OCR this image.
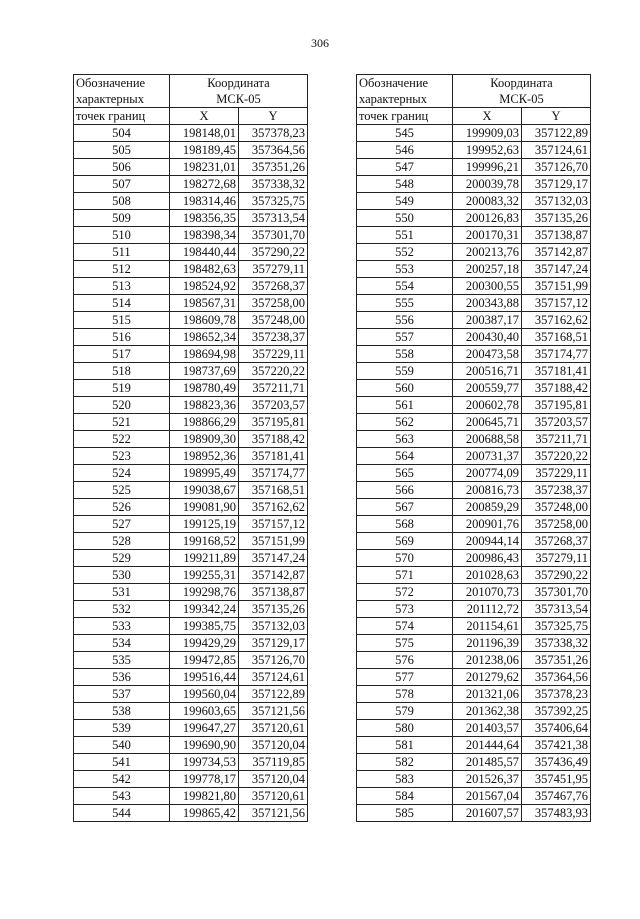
306
Обозначение
характерных	Координата
МСК-05	

точек границ	X	Y
504	198148,01	357378,23
505	198189,45	357364,56
506	198231,01	357351,26
507	198272,68	357338,32
508	198314,46	357325,75
509	198356,35	357313,54
510	198398,34	357301,70
511	198440,44	357290,22
512	198482,63	357279,11
513	198524,92	357268,37
514	198567,31	357258,00
515	198609,78	357248,00
516	198652,34	357238,37
517	198694,98	357229,11
518	198737,69	357220,22
519	198780,49	357211,71
520	198823,36	357203,57
521	198866,29	357195,81
522	198909,30	357188,42
523	198952,36	357181,41
524	198995,49	357174,77
525	199038,67	357168,51
526	199081,90	357162,62
527	199125,19	357157,12
528	199168,52	357151,99
529	199211,89	357147,24
530	199255,31	357142,87
531	199298,76	357138,87
532	199342,24	357135,26
533	199385,75	357132,03
534	199429,29	357129,17
535	199472,85	357126,70
536	199516,44	357124,61
537	199560,04	357122,89
538	199603,65	357121,56
539	199647,27	357120,61
540	199690,90	357120,04
541	199734,53	357119,85
542	199778,17	357120,04
543	199821,80	357120,61
544	199865,42	357121,56
Обозначение
характерных	Координата
МСК-05	

точек границ	X	Y
545	199909,03	357122,89
546	199952,63	357124,61
547	199996,21	357126,70
548	200039,78	357129,17
549	200083,32	357132,03
550	200126,83	357135,26
551	200170,31	357138,87
552	200213,76	357142,87
553	200257,18	357147,24
554	200300,55	357151,99
555	200343,88	357157,12
556	200387,17	357162,62
557	200430,40	357168,51
558	200473,58	357174,77
559	200516,71	357181,41
560	200559,77	357188,42
561	200602,78	357195,81
562	200645,71	357203,57
563	200688,58	357211,71
564	200731,37	357220,22
565	200774,09	357229,11
566	200816,73	357238,37
567	200859,29	357248,00
568	200901,76	357258,00
569	200944,14	357268,37
570	200986,43	357279,11
571	201028,63	357290,22
572	201070,73	357301,70
573	201112,72	357313,54
574	201154,61	357325,75
575	201196,39	357338,32
576	201238,06	357351,26
577	201279,62	357364,56
578	201321,06	357378,23
579	201362,38	357392,25
580	201403,57	357406,64
581	201444,64	357421,38
582	201485,57	357436,49
583	201526,37	357451,95
584	201567,04	357467,76
585	201607,57	357483,93
